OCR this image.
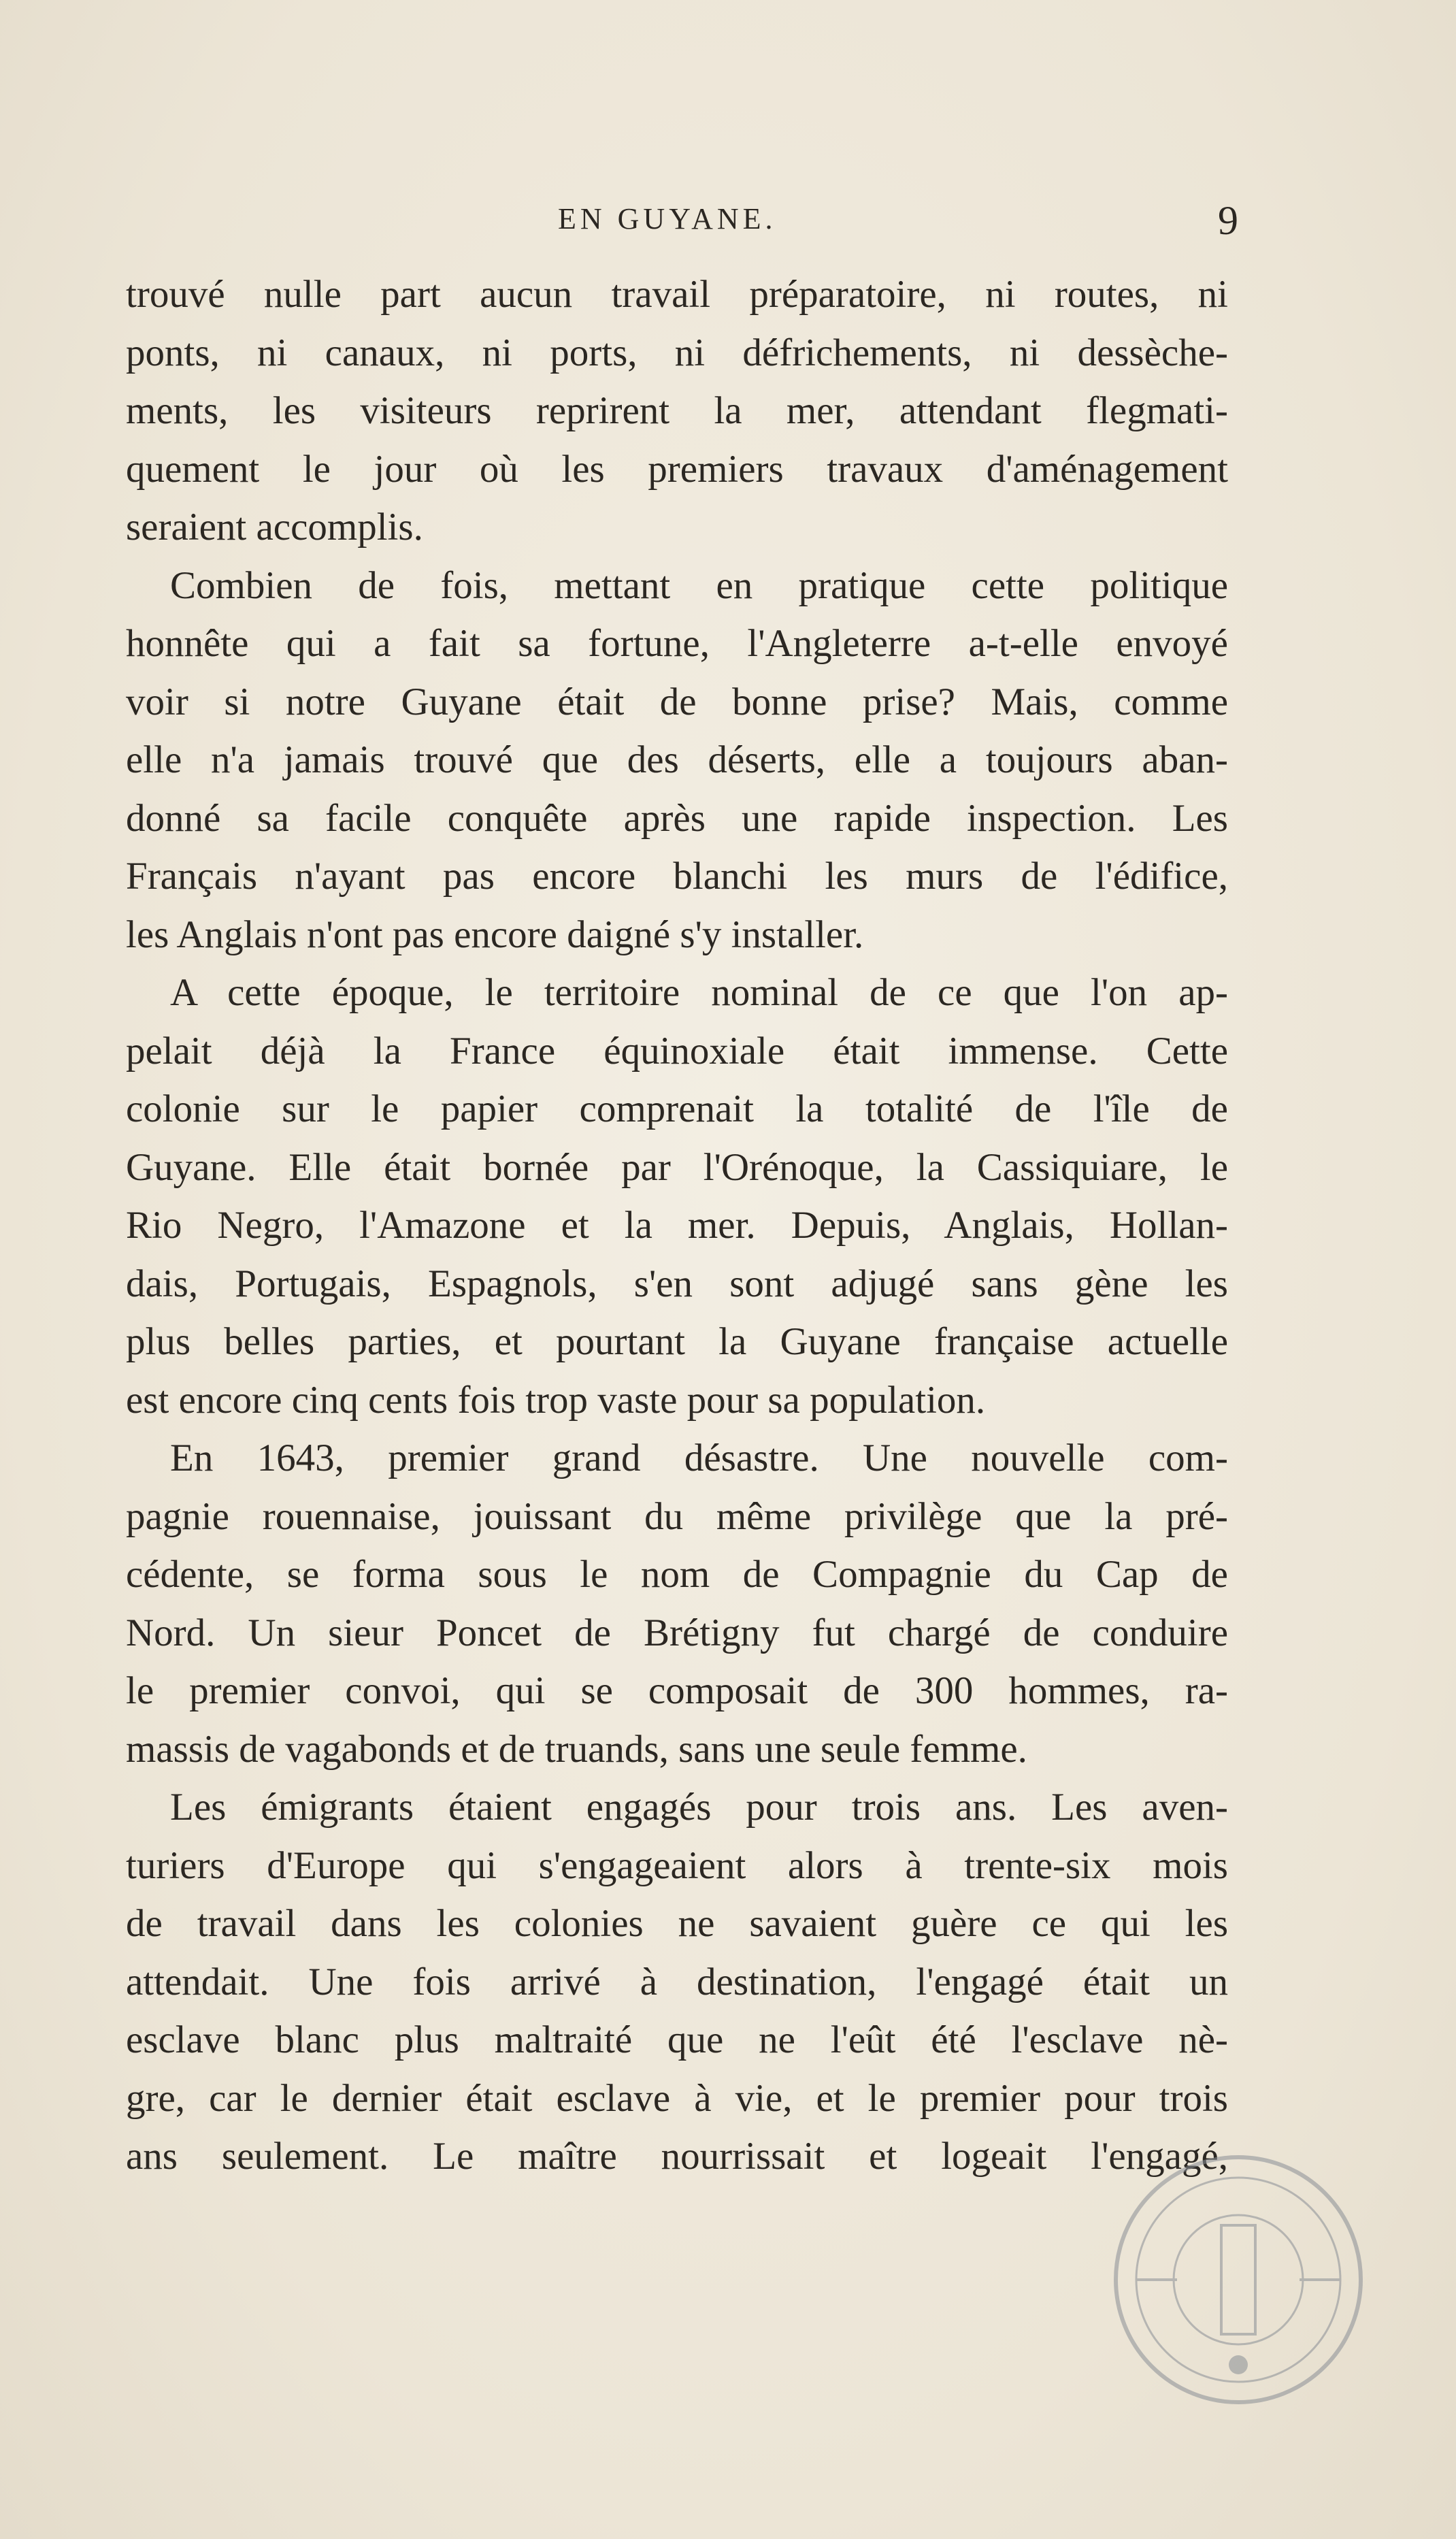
EN GUYANE.	9
trouvé nulle part aucun travail préparatoire, ni routes, ni
ponts, ni canaux, ni ports, ni défrichements, ni dessèche-
ments, les visiteurs reprirent la mer, attendant flegmati-
quement le jour où les premiers travaux d'aménagement
seraient accomplis.
Combien de fois, mettant en pratique cette politique
honnête qui a fait sa fortune, l'Angleterre a-t-elle envoyé
voir si notre Guyane était de bonne prise? Mais, comme
elle n'a jamais trouvé que des déserts, elle a toujours aban-
donné sa facile conquête après une rapide inspection. Les
Français n'ayant pas encore blanchi les murs de l'édifice,
les Anglais n'ont pas encore daigné s'y installer.
A cette époque, le territoire nominal de ce que l'on ap-
pelait déjà la France équinoxiale était immense. Cette
colonie sur le papier comprenait la totalité de l'île de
Guyane. Elle était bornée par l'Orénoque, la Cassiquiare, le
Rio Negro, l'Amazone et la mer. Depuis, Anglais, Hollan-
dais, Portugais, Espagnols, s'en sont adjugé sans gène les
plus belles parties, et pourtant la Guyane française actuelle
est encore cinq cents fois trop vaste pour sa population.
En 1643, premier grand désastre. Une nouvelle com-
pagnie rouennaise, jouissant du même privilège que la pré-
cédente, se forma sous le nom de Compagnie du Cap de
Nord. Un sieur Poncet de Brétigny fut chargé de conduire
le premier convoi, qui se composait de 300 hommes, ra-
massis de vagabonds et de truands, sans une seule femme.
Les émigrants étaient engagés pour trois ans. Les aven-
turiers d'Europe qui s'engageaient alors à trente-six mois
de travail dans les colonies ne savaient guère ce qui les
attendait. Une fois arrivé à destination, l'engagé était un
esclave blanc plus maltraité que ne l'eût été l'esclave nè-
gre, car le dernier était esclave à vie, et le premier pour trois
ans seulement. Le maître nourrissait et logeait l'engagé,
